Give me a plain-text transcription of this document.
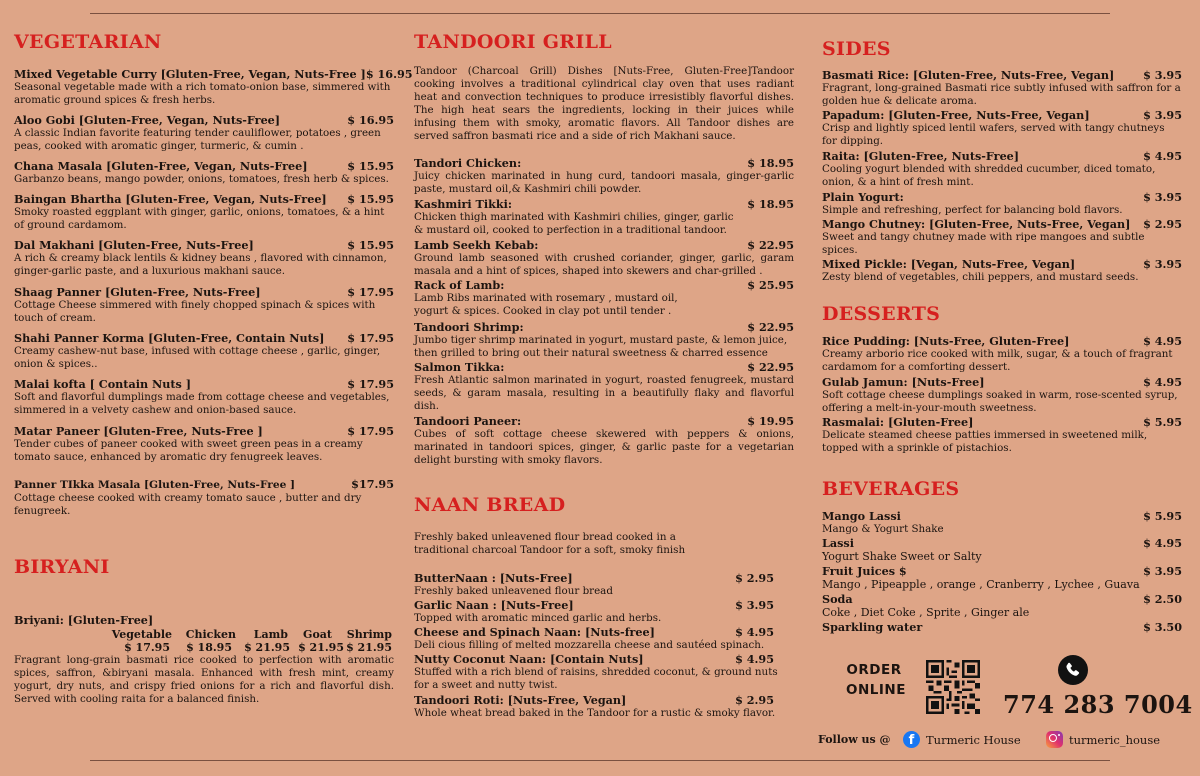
VEGETARIAN
Mixed Vegetable Curry [Gluten-Free, Vegan, Nuts-Free ] $ 16.95
Seasonal vegetable made with a rich tomato-onion base, simmered with aromatic ground spices & fresh herbs.
Aloo Gobi [Gluten-Free, Vegan, Nuts-Free]	$ 16.95
A classic Indian favorite featuring tender cauliflower, potatoes , green peas, cooked with aromatic ginger, turmeric, & cumin .
Chana Masala [Gluten-Free, Vegan, Nuts-Free]	$ 15.95
Garbanzo beans, mango powder, onions, tomatoes, fresh herb & spices.
Baingan Bhartha [Gluten-Free, Vegan, Nuts-Free] $ 15.95
Smoky roasted eggplant with ginger, garlic, onions, tomatoes, & a hint of ground cardamom.
Dal Makhani [Gluten-Free, Nuts-Free]	$ 15.95
A rich & creamy black lentils & kidney beans , flavored with cinnamon, ginger-garlic paste, and a luxurious makhani sauce.
Shaag Panner [Gluten-Free, Nuts-Free]	$ 17.95
Cottage Cheese simmered with finely chopped spinach & spices with touch of cream.
Shahi Panner Korma [Gluten-Free, Contain Nuts] $ 17.95
Creamy cashew-nut base, infused with cottage cheese , garlic, ginger, onion & spices..
Malai kofta [ Contain Nuts ]	$ 17.95
Soft and flavorful dumplings made from cottage cheese and vegetables, simmered in a velvety cashew and onion-based sauce.
Matar Paneer [Gluten-Free, Nuts-Free ]	$ 17.95
Tender cubes of paneer cooked with sweet green peas in a creamy tomato sauce, enhanced by aromatic dry fenugreek leaves.
Panner TIkka Masala [Gluten-Free, Nuts-Free ]	$17.95
Cottage cheese cooked with creamy tomato sauce , butter and dry fenugreek.
BIRYANI
Briyani: [Gluten-Free]
Vegetable	Chicken	Lamb	Goat	Shrimp
$ 17.95	$ 18.95	$ 21.95 $ 21.95 $ 21.95
Fragrant long-grain basmati rice cooked to perfection with aromatic spices, saffron, &biryani masala. Enhanced with fresh mint, creamy yogurt, dry nuts, and crispy fried onions for a rich and flavorful dish. Served with cooling raita for a balanced finish.
TANDOORI GRILL
Tandoor (Charcoal Grill) Dishes [Nuts-Free, Gluten-Free]Tandoor cooking involves a traditional cylindrical clay oven that uses radiant heat and convection techniques to produce irresistibly flavorful dishes. The high heat sears the ingredients, locking in their juices while infusing them with smoky, aromatic flavors. All Tandoor dishes are served saffron basmati rice and a side of rich Makhani sauce.
Tandori Chicken:	$ 18.95
Juicy chicken marinated in hung curd, tandoori masala, ginger-garlic paste, mustard oil,& Kashmiri chili powder.
Kashmiri Tikki:	$ 18.95
Chicken thigh marinated with Kashmiri chilies, ginger, garlic & mustard oil, cooked to perfection in a traditional tandoor.
Lamb Seekh Kebab:	$ 22.95
Ground lamb seasoned with crushed coriander, ginger, garlic, garam masala and a hint of spices, shaped into skewers and char-grilled .
Rack of Lamb:	$ 25.95
Lamb Ribs marinated with rosemary , mustard oil, yogurt & spices. Cooked in clay pot until tender .
Tandoori Shrimp:	$ 22.95
Jumbo tiger shrimp marinated in yogurt, mustard paste, & lemon juice, then grilled to bring out their natural sweetness & charred essence
Salmon Tikka:	$ 22.95
Fresh Atlantic salmon marinated in yogurt, roasted fenugreek, mustard seeds, & garam masala, resulting in a beautifully flaky and flavorful dish.
Tandoori Paneer:	$ 19.95
Cubes of soft cottage cheese skewered with peppers & onions, marinated in tandoori spices, ginger, & garlic paste for a vegetarian delight bursting with smoky flavors.
NAAN BREAD
Freshly baked unleavened flour bread cooked in a traditional charcoal Tandoor for a soft, smoky finish
ButterNaan : [Nuts-Free]	$ 2.95
Freshly baked unleavened flour bread
Garlic Naan : [Nuts-Free]	$ 3.95
Topped with aromatic minced garlic and herbs.
Cheese and Spinach Naan: [Nuts-free]	$ 4.95
Deli cious filling of melted mozzarella cheese and sautéed spinach.
Nutty Coconut Naan: [Contain Nuts]	$ 4.95
Stuffed with a rich blend of raisins, shredded coconut, & ground nuts for a sweet and nutty twist.
Tandoori Roti: [Nuts-Free, Vegan]	$ 2.95
Whole wheat bread baked in the Tandoor for a rustic & smoky flavor.
SIDES
Basmati Rice: [Gluten-Free, Nuts-Free, Vegan]	$ 3.95
Fragrant, long-grained Basmati rice subtly infused with saffron for a golden hue & delicate aroma.
Papadum: [Gluten-Free, Nuts-Free, Vegan]	$ 3.95
Crisp and lightly spiced lentil wafers, served with tangy chutneys for dipping.
Raita: [Gluten-Free, Nuts-Free]	$ 4.95
Cooling yogurt blended with shredded cucumber, diced tomato, onion, & a hint of fresh mint.
Plain Yogurt:	$ 3.95
Simple and refreshing, perfect for balancing bold flavors.
Mango Chutney: [Gluten-Free, Nuts-Free, Vegan] $ 2.95
Sweet and tangy chutney made with ripe mangoes and subtle spices.
Mixed Pickle: [Vegan, Nuts-Free, Vegan]	$ 3.95
Zesty blend of vegetables, chili peppers, and mustard seeds.
DESSERTS
Rice Pudding: [Nuts-Free, Gluten-Free]	$ 4.95
Creamy arborio rice cooked with milk, sugar, & a touch of fragrant cardamom for a comforting dessert.
Gulab Jamun: [Nuts-Free]	$ 4.95
Soft cottage cheese dumplings soaked in warm, rose-scented syrup, offering a melt-in-your-mouth sweetness.
Rasmalai: [Gluten-Free]	$ 5.95
Delicate steamed cheese patties immersed in sweetened milk, topped with a sprinkle of pistachios.
BEVERAGES
Mango Lassi	$ 5.95
Mango & Yogurt Shake
Lassi	$ 4.95
Yogurt Shake Sweet or Salty
Fruit Juices $	$ 3.95
Mango , Pipeapple , orange , Cranberry , Lychee , Guava
Soda	$ 2.50
Coke , Diet Coke , Sprite , Ginger ale
Sparkling water	$ 3.50
ORDER
ONLINE	774 283 7004
Follow us @	f	Turmeric House	turmeric_house
